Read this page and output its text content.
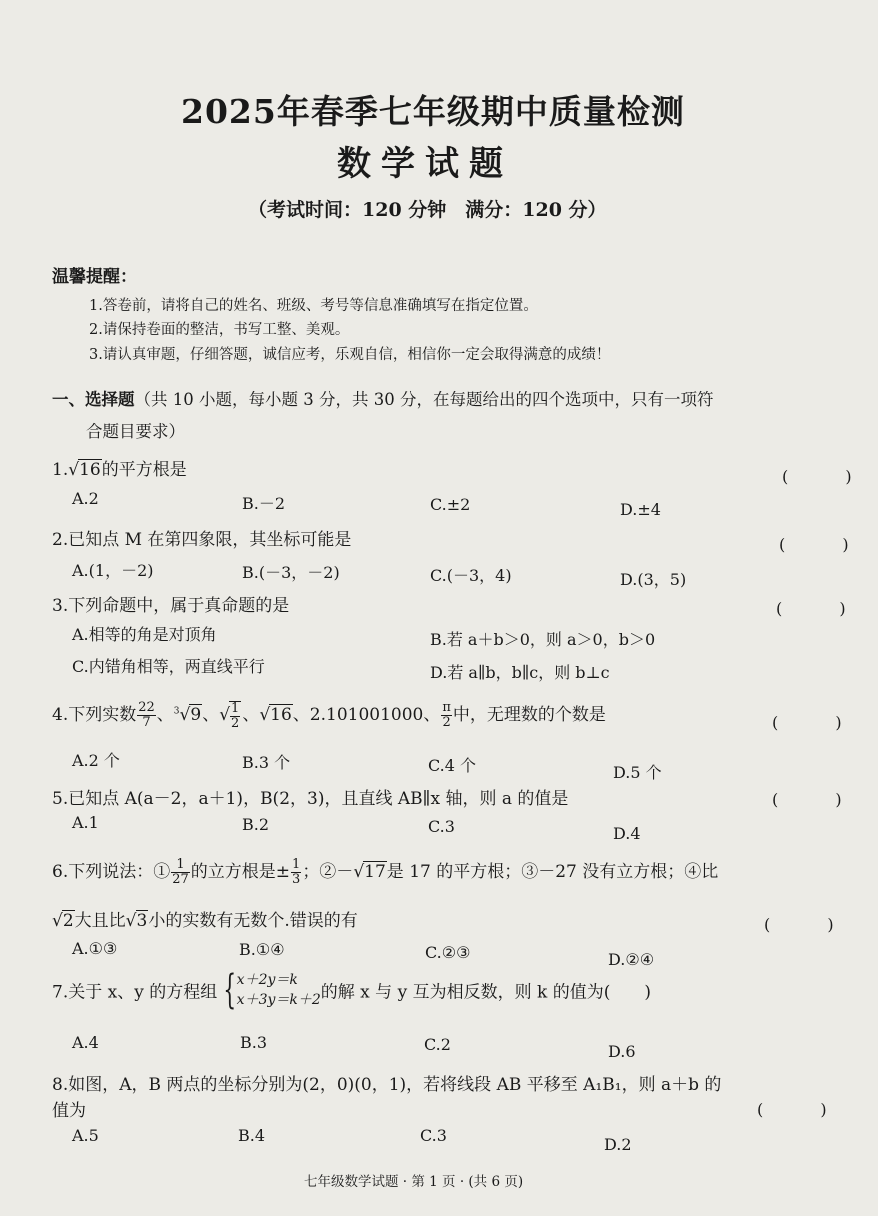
2025年春季七年级期中质量检测
数学试题
（考试时间：120 分钟　满分：120 分）
温馨提醒：
1.答卷前，请将自己的姓名、班级、考号等信息准确填写在指定位置。
2.请保持卷面的整洁，书写工整、美观。
3.请认真审题，仔细答题，诚信应考，乐观自信，相信你一定会取得满意的成绩！
一、选择题（共 10 小题，每小题 3 分，共 30 分，在每题给出的四个选项中，只有一项符
合题目要求）
1.√16的平方根是	( )
A.2	B.－2	C.±2	D.±4
2.已知点 M 在第四象限，其坐标可能是	( )
A.(1，－2)	B.(－3，－2)	C.(－3，4)	D.(3，5)
3.下列命题中，属于真命题的是	( )
A.相等的角是对顶角	B.若 a＋b＞0，则 a＞0，b＞0
C.内错角相等，两直线平行	D.若 a∥b，b∥c，则 b⊥c
4.下列实数 $\frac{22}{7}$ 、$^3$√9、√ $\frac{1}{2}$ 、√16、2.101001000、 $\frac{\pi}{2}$ 中，无理数的个数是	( )
A.2 个	B.3 个	C.4 个	D.5 个
5.已知点 A(a－2，a＋1)，B(2，3)，且直线 AB∥x 轴，则 a 的值是	( )
A.1	B.2	C.3	D.4
6.下列说法：① $\frac{1}{27}$ 的立方根是± $\frac{1}{3}$ ；②－√17是 17 的平方根；③－27 没有立方根；④比
√2大且比√3小的实数有无数个.错误的有	( )
A.①③	B.①④	C.②③	D.②④
7.关于 x、y 的方程组 { x＋2y＝k
x＋3y＝k＋2 的解 x 与 y 互为相反数，则 k 的值为(　　)
A.4	B.3	C.2	D.6
8.如图，A，B 两点的坐标分别为(2，0)(0，1)，若将线段 AB 平移至 A₁B₁，则 a＋b 的
值为	( )
A.5	B.4	C.3	D.2
七年级数学试题 · 第 1 页 · (共 6 页)
